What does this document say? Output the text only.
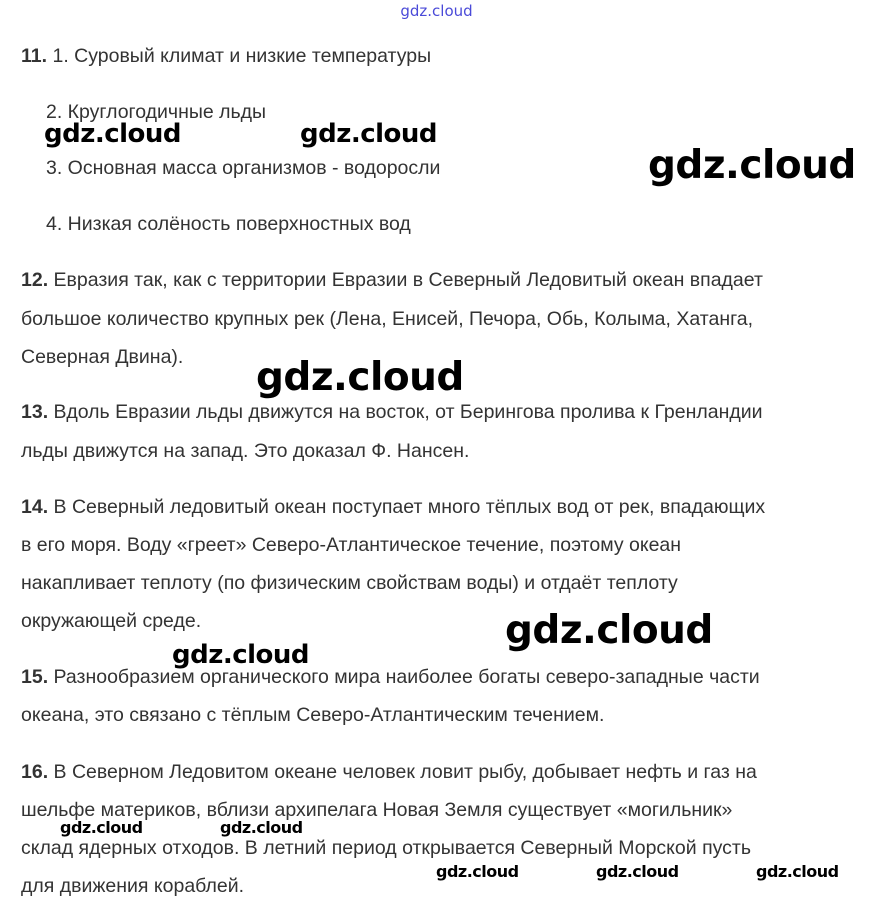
gdz.cloud
11. 1. Суровый климат и низкие температуры
2. Круглогодичные льды
3. Основная масса организмов - водоросли
4. Низкая солёность поверхностных вод
12. Евразия так, как с территории Евразии в Северный Ледовитый океан впадает
большое количество крупных рек (Лена, Енисей, Печора, Обь, Колыма, Хатанга,
Северная Двина).
13. Вдоль Евразии льды движутся на восток, от Берингова пролива к Гренландии
льды движутся на запад. Это доказал Ф. Нансен.
14. В Северный ледовитый океан поступает много тёплых вод от рек, впадающих
в его моря. Воду «греет» Северо-Атлантическое течение, поэтому океан
накапливает теплоту (по физическим свойствам воды) и отдаёт теплоту
окружающей среде.
15. Разнообразием органического мира наиболее богаты северо-западные части
океана, это связано с тёплым Северо-Атлантическим течением.
16. В Северном Ледовитом океане человек ловит рыбу, добывает нефть и газ на
шельфе материков, вблизи архипелага Новая Земля существует «могильник»
склад ядерных отходов. В летний период открывается Северный Морской пусть
для движения кораблей.
gdz.cloud	gdz.cloud
gdz.cloud
gdz.cloud
gdz.cloud
gdz.cloud
gdz.cloud	gdz.cloud
gdz.cloud	gdz.cloud	gdz.cloud
